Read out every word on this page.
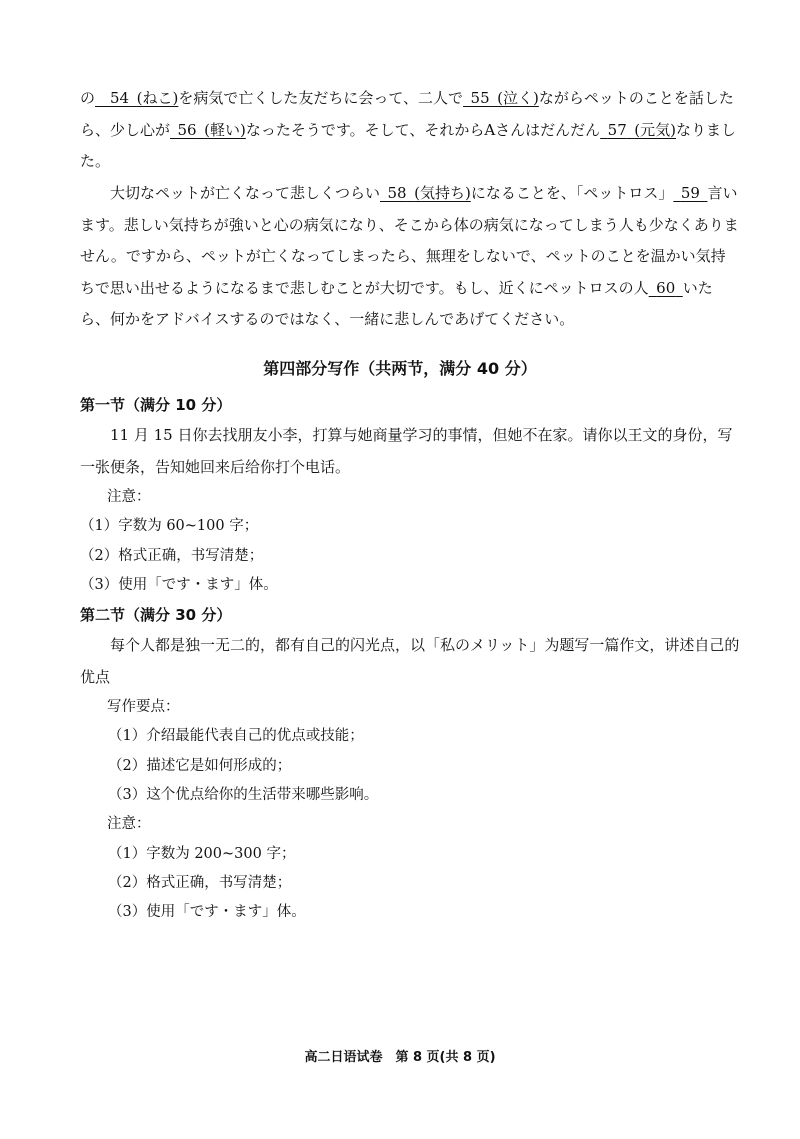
の  54  (ねこ)を病気で亡くした友だちに会って、二人で  55  (泣く)ながらペットのことを話したら、少し心が  56  (軽い)なったそうです。そして、それからAさんはだんだん  57  (元気)なりました。

大切なペットが亡くなって悲しくつらい  58  (気持ち)になることを、「ペットロス」  59  言います。悲しい気持ちが強いと心の病気になり、そこから体の病気になってしまう人も少なくありません。ですから、ペットが亡くなってしまったら、無理をしないで、ペットのことを温かい気持ちで思い出せるようになるまで悲しむことが大切です。もし、近くにペットロスの人  60  いたら、何かをアドバイスするのではなく、一緒に悲しんであげてください。

第四部分写作（共两节，满分 40 分）
第一节（满分 10 分）

11 月 15 日你去找朋友小李，打算与她商量学习的事情，但她不在家。请你以王文的身份，写一张便条，告知她回来后给你打个电话。

注意：
（1）字数为 60~100 字；
（2）格式正确，书写清楚；
（3）使用「です・ます」体。
第二节（满分 30 分）

每个人都是独一无二的，都有自己的闪光点，以「私のメリット」为题写一篇作文，讲述自己的优点

写作要点：
（1）介绍最能代表自己的优点或技能；
（2）描述它是如何形成的；
（3）这个优点给你的生活带来哪些影响。
注意：
（1）字数为 200~300 字；
（2）格式正确，书写清楚；
（3）使用「です・ます」体。
高二日语试卷　第 8 页(共 8 页)
